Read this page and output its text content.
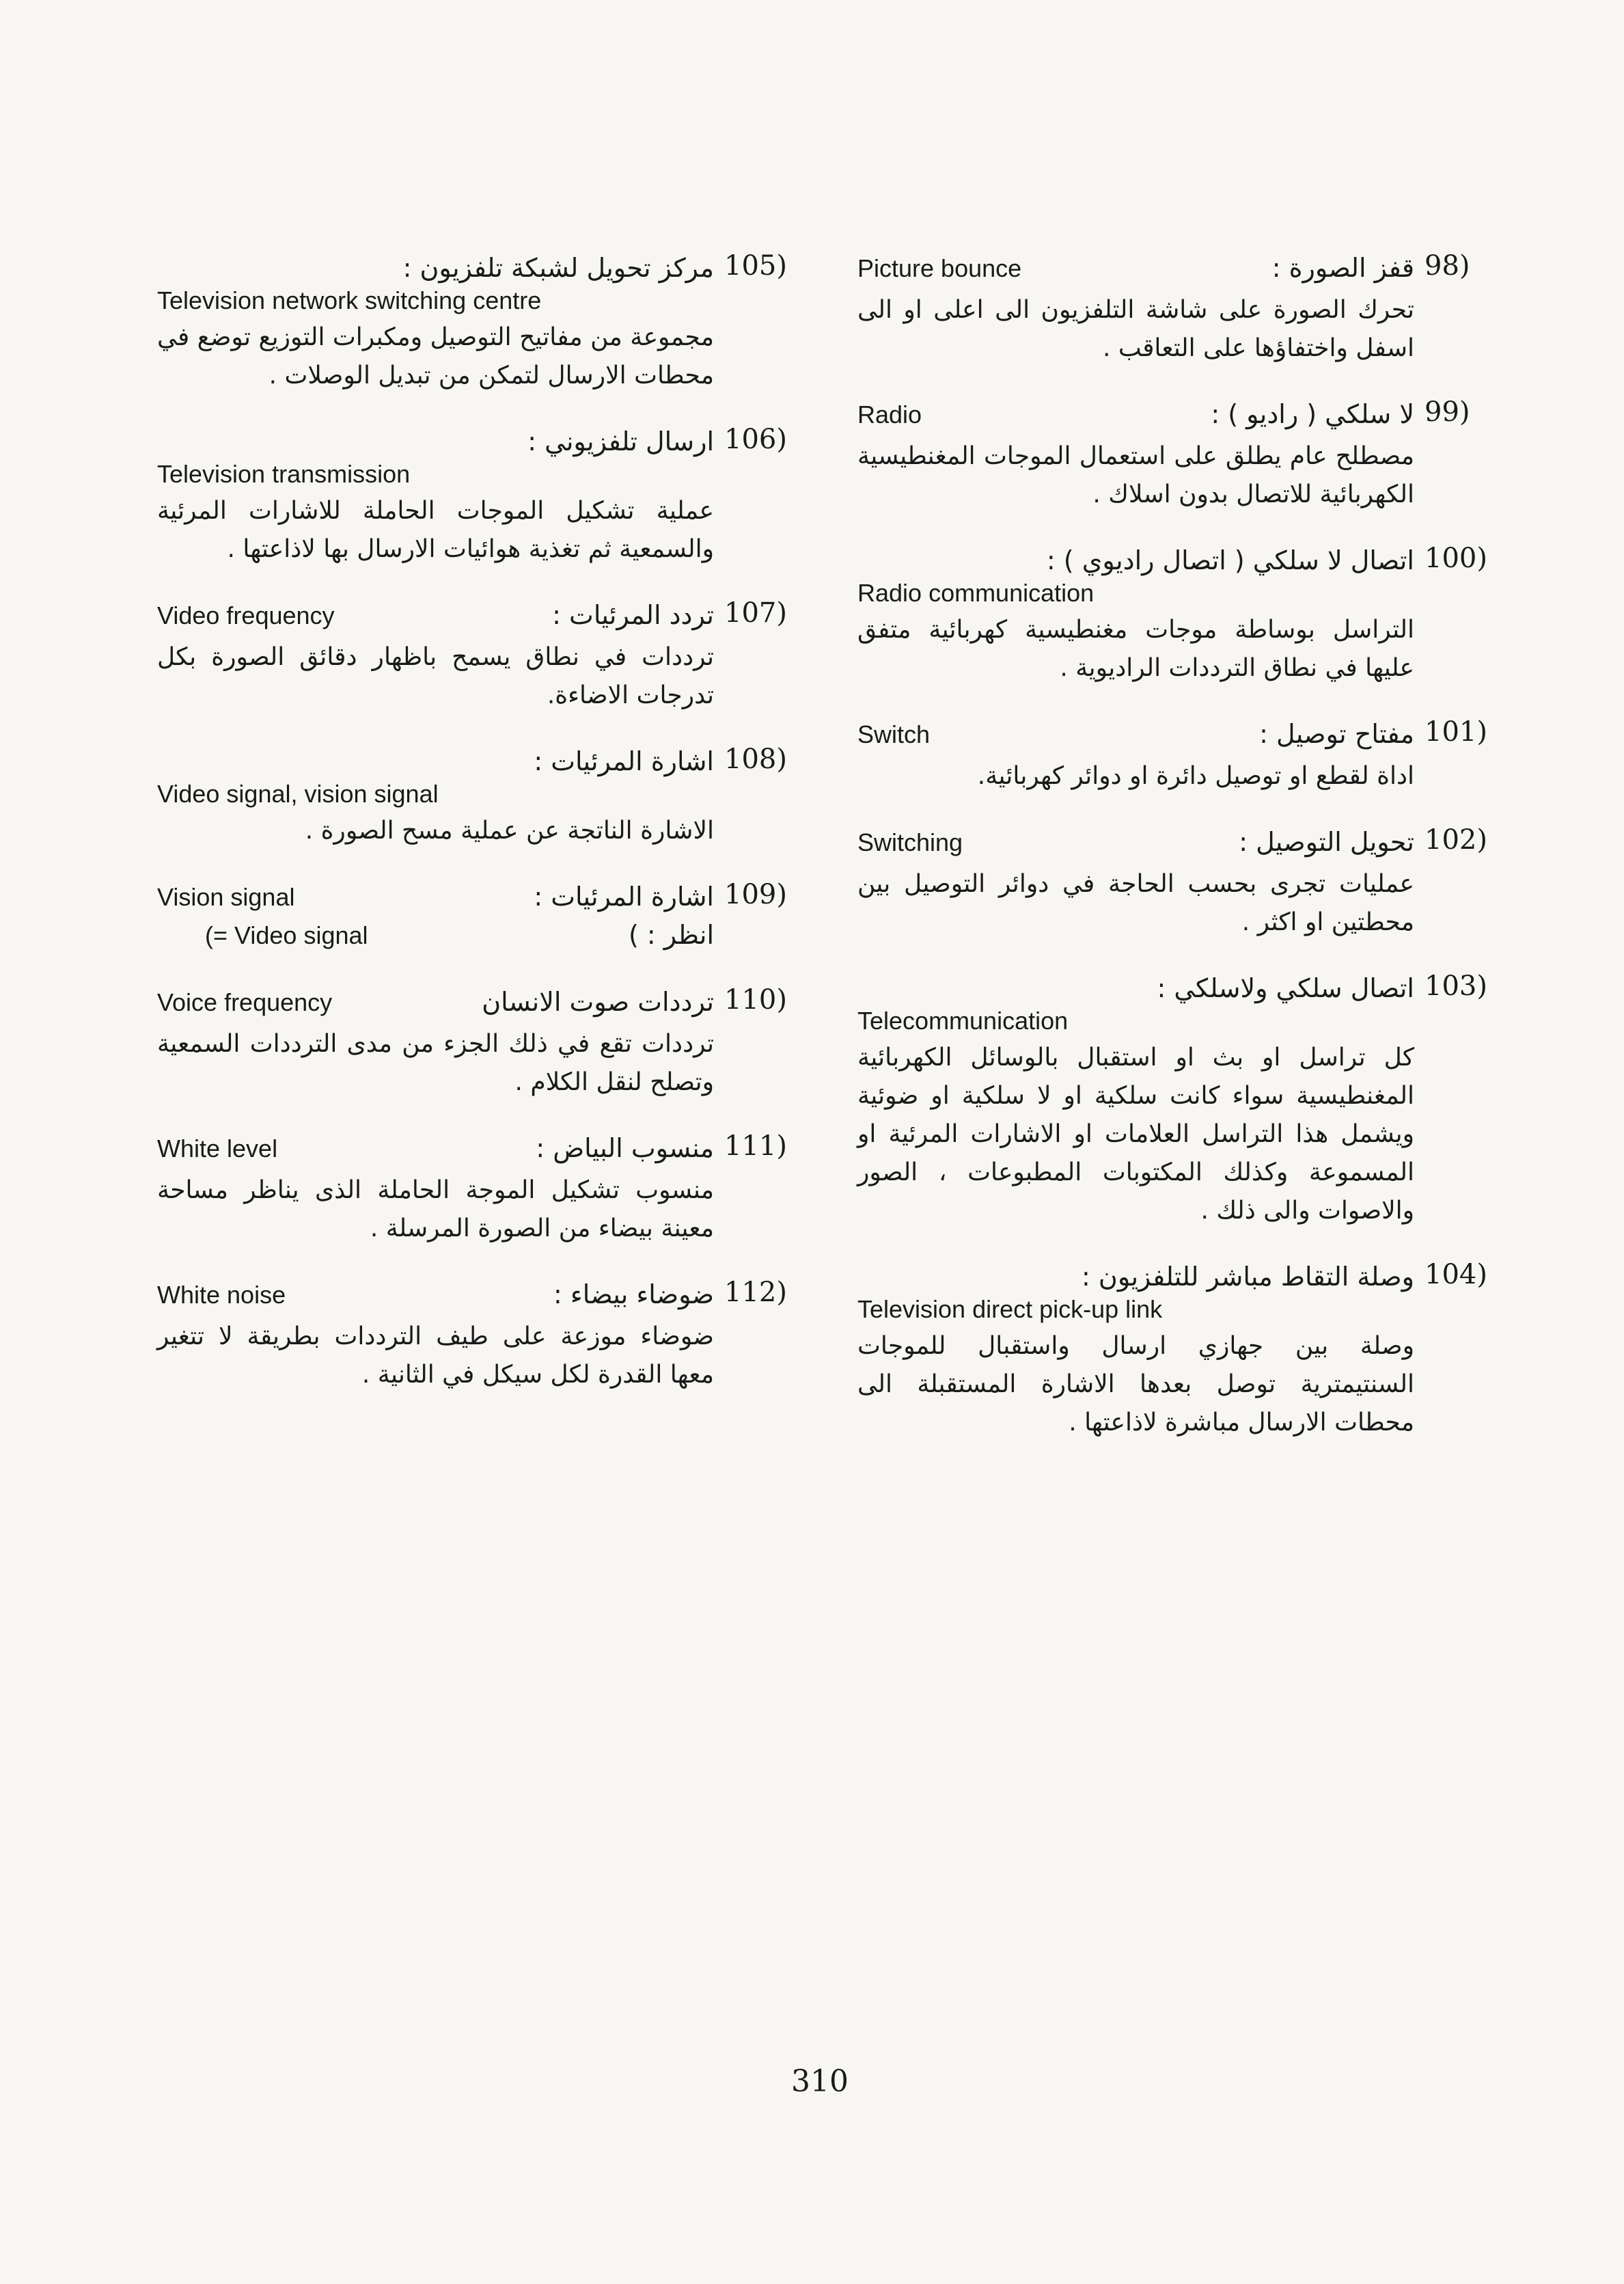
98)
Picture bounce	قفز الصورة :
تحرك الصورة على شاشة التلفزيون الى اعلى او الى اسفل واختفاؤها على التعاقب .
99)
Radio	لا سلكي ( راديو ) :
مصطلح عام يطلق على استعمال الموجات المغنطيسية الكهربائية للاتصال بدون اسلاك .
100)
اتصال لا سلكي ( اتصال راديوي ) :
Radio communication
التراسل بوساطة موجات مغنطيسية كهربائية متفق عليها في نطاق الترددات الراديوية .
101)
Switch	مفتاح توصيل :
اداة لقطع او توصيل دائرة او دوائر كهربائية.
102)
Switching	تحويل التوصيل :
عمليات تجرى بحسب الحاجة في دوائر التوصيل بين محطتين او اكثر .
103)
اتصال سلكي ولاسلكي :
Telecommunication
كل تراسل او بث او استقبال بالوسائل الكهربائية المغنطيسية سواء كانت سلكية او لا سلكية او ضوئية ويشمل هذا التراسل العلامات او الاشارات المرئية او المسموعة وكذلك المكتوبات المطبوعات ، الصور والاصوات والى ذلك .
104)
وصلة التقاط مباشر للتلفزيون :
Television direct pick-up link
وصلة بين جهازي ارسال واستقبال للموجات السنتيمترية توصل بعدها الاشارة المستقبلة الى محطات الارسال مباشرة لاذاعتها .
105)
مركز تحويل لشبكة تلفزيون :
Television network switching centre
مجموعة من مفاتيح التوصيل ومكبرات التوزيع توضع في محطات الارسال لتمكن من تبديل الوصلات .
106)
ارسال تلفزيوني :
Television transmission
عملية تشكيل الموجات الحاملة للاشارات المرئية والسمعية ثم تغذية هوائيات الارسال بها لاذاعتها .
107)
Video frequency	تردد المرئيات :
ترددات في نطاق يسمح باظهار دقائق الصورة بكل تدرجات الاضاءة.
108)
اشارة المرئيات :
Video signal, vision signal
الاشارة الناتجة عن عملية مسح الصورة .
109)
Vision signal	اشارة المرئيات :
(= Video signal	انظر : )
110)
Voice frequency	ترددات صوت الانسان
ترددات تقع في ذلك الجزء من مدى الترددات السمعية وتصلح لنقل الكلام .
111)
White level	منسوب البياض :
منسوب تشكيل الموجة الحاملة الذى يناظر مساحة معينة بيضاء من الصورة المرسلة .
112)
White noise	ضوضاء بيضاء :
ضوضاء موزعة على طيف الترددات بطريقة لا تتغير معها القدرة لكل سيكل في الثانية .
310
